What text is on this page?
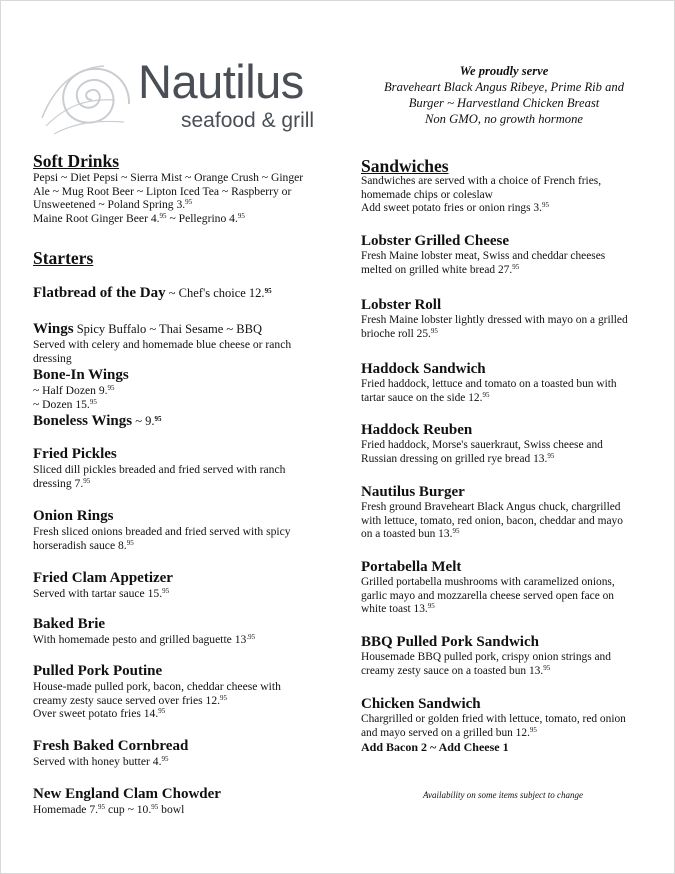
Nautilus
seafood & grill
We proudly serve
Braveheart Black Angus Ribeye, Prime Rib and
Burger ~ Harvestland Chicken Breast
Non GMO, no growth hormone
Soft Drinks
Pepsi ~ Diet Pepsi ~ Sierra Mist ~ Orange Crush ~ Ginger
Ale ~ Mug Root Beer ~ Lipton Iced Tea ~ Raspberry or
Unsweetened ~ Poland Spring 3.95
Maine Root Ginger Beer 4.95 ~ Pellegrino 4.95
Starters
Flatbread of the Day ~ Chef's choice 12.95
Wings Spicy Buffalo ~ Thai Sesame ~ BBQ
Served with celery and homemade blue cheese or ranch
dressing
Bone-In Wings
~ Half Dozen 9.95
~ Dozen 15.95
Boneless Wings ~ 9.95
Fried Pickles
Sliced dill pickles breaded and fried served with ranch
dressing 7.95
Onion Rings
Fresh sliced onions breaded and fried served with spicy
horseradish sauce 8.95
Fried Clam Appetizer
Served with tartar sauce 15.95
Baked Brie
With homemade pesto and grilled baguette $13^{.95}$
Pulled Pork Poutine
House-made pulled pork, bacon, cheddar cheese with
creamy zesty sauce served over fries 12.95
Over sweet potato fries 14.95
Fresh Baked Cornbread
Served with honey butter 4.95
New England Clam Chowder
Homemade 7.95 cup ~ 10.95 bowl
Sandwiches
Sandwiches are served with a choice of French fries,
homemade chips or coleslaw
Add sweet potato fries or onion rings 3.95
Lobster Grilled Cheese
Fresh Maine lobster meat, Swiss and cheddar cheeses
melted on grilled white bread 27.95
Lobster Roll
Fresh Maine lobster lightly dressed with mayo on a grilled
brioche roll 25.95
Haddock Sandwich
Fried haddock, lettuce and tomato on a toasted bun with
tartar sauce on the side 12.95
Haddock Reuben
Fried haddock, Morse's sauerkraut, Swiss cheese and
Russian dressing on grilled rye bread 13.95
Nautilus Burger
Fresh ground Braveheart Black Angus chuck, chargrilled
with lettuce, tomato, red onion, bacon, cheddar and mayo
on a toasted bun 13.95
Portabella Melt
Grilled portabella mushrooms with caramelized onions,
garlic mayo and mozzarella cheese served open face on
white toast 13.95
BBQ Pulled Pork Sandwich
Housemade BBQ pulled pork, crispy onion strings and
creamy zesty sauce on a toasted bun 13.95
Chicken Sandwich
Chargrilled or golden fried with lettuce, tomato, red onion
and mayo served on a grilled bun 12.95
Add Bacon 2 ~ Add Cheese 1
Availability on some items subject to change
